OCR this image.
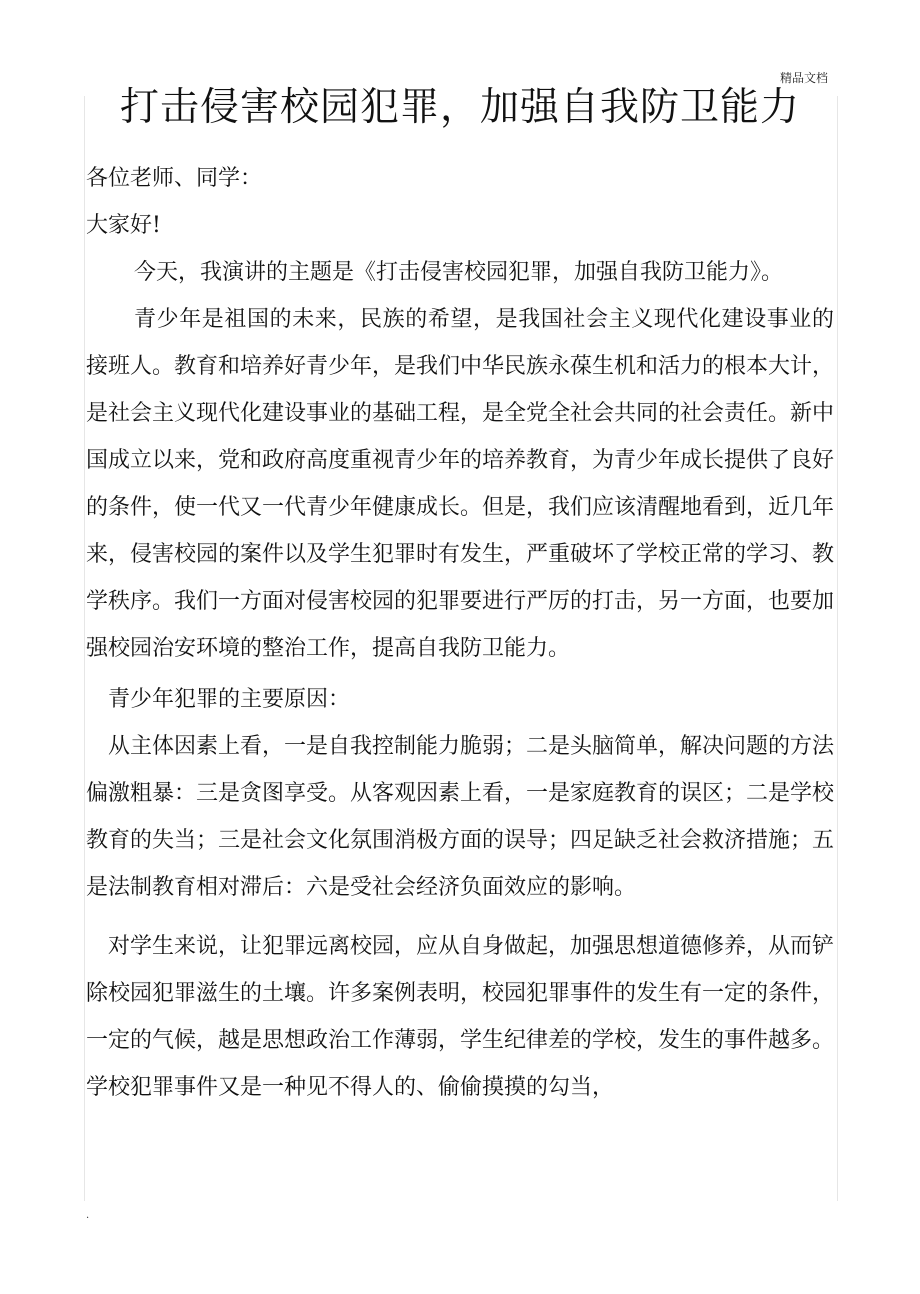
精品文档
打击侵害校园犯罪，加强自我防卫能力

各位老师、同学：

大家好!

今天，我演讲的主题是《打击侵害校园犯罪，加强自我防卫能力》。

青少年是祖国的未来，民族的希望，是我国社会主义现代化建设事业的接班人。教育和培养好青少年，是我们中华民族永葆生机和活力的根本大计，是社会主义现代化建设事业的基础工程，是全党全社会共同的社会责任。新中国成立以来，党和政府高度重视青少年的培养教育，为青少年成长提供了良好的条件，使一代又一代青少年健康成长。但是，我们应该清醒地看到，近几年来，侵害校园的案件以及学生犯罪时有发生，严重破坏了学校正常的学习、教学秩序。我们一方面对侵害校园的犯罪要进行严厉的打击，另一方面，也要加强校园治安环境的整治工作，提高自我防卫能力。

青少年犯罪的主要原因：

从主体因素上看，一是自我控制能力脆弱；二是头脑简单，解决问题的方法偏激粗暴：三是贪图享受。从客观因素上看，一是家庭教育的误区；二是学校教育的失当；三是社会文化氛围消极方面的误导；四足缺乏社会救济措施；五是法制教育相对滞后：六是受社会经济负面效应的影响。

对学生来说，让犯罪远离校园，应从自身做起，加强思想道德修养，从而铲除校园犯罪滋生的土壤。许多案例表明，校园犯罪事件的发生有一定的条件，一定的气候，越是思想政治工作薄弱，学生纪律差的学校，发生的事件越多。学校犯罪事件又是一种见不得人的、偷偷摸摸的勾当，

.
